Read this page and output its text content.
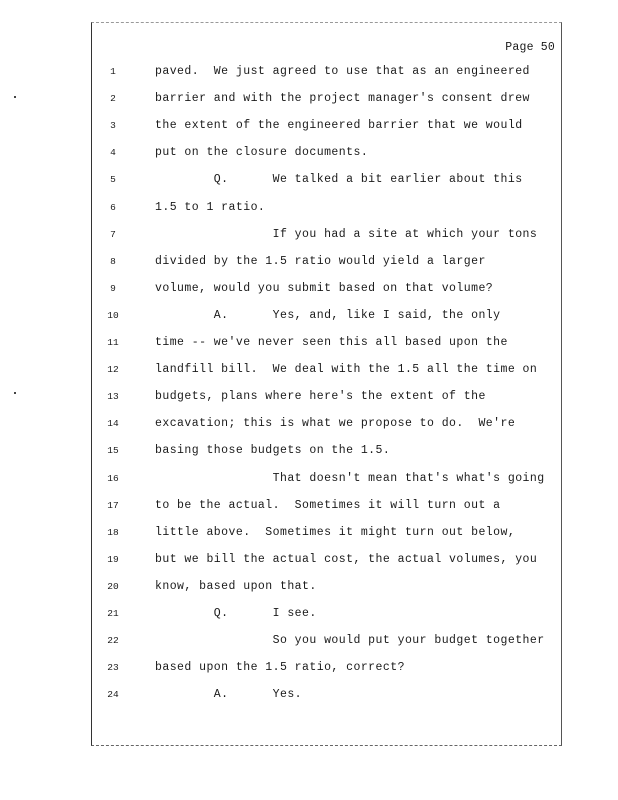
Page 50
1	paved.  We just agreed to use that as an engineered
2	barrier and with the project manager's consent drew
3	the extent of the engineered barrier that we would
4	put on the closure documents.
5	Q.      We talked a bit earlier about this
6	1.5 to 1 ratio.
7	If you had a site at which your tons
8	divided by the 1.5 ratio would yield a larger
9	volume, would you submit based on that volume?
10	A.      Yes, and, like I said, the only
11	time -- we've never seen this all based upon the
12	landfill bill.  We deal with the 1.5 all the time on
13	budgets, plans where here's the extent of the
14	excavation; this is what we propose to do.  We're
15	basing those budgets on the 1.5.
16	That doesn't mean that's what's going
17	to be the actual.  Sometimes it will turn out a
18	little above.  Sometimes it might turn out below,
19	but we bill the actual cost, the actual volumes, you
20	know, based upon that.
21	Q.      I see.
22	So you would put your budget together
23	based upon the 1.5 ratio, correct?
24	A.      Yes.
